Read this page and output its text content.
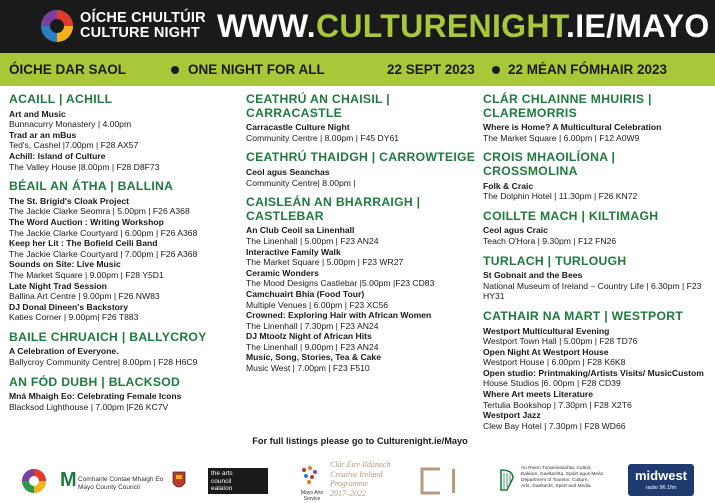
OÍCHE CHULTÚIR
CULTURE NIGHT WWW.CULTURENIGHT.IE/MAYO
ÓICHE DAR SAOL	ONE NIGHT FOR ALL	22 SEPT 2023 22 MÉAN FÓMHAIR 2023
ACAILL | ACHILL
Art and Music
Bunnacurry Monastery | 4.00pm
Trad ar an mBus
Ted's, Cashel |7.00pm | F28 AX57
Achill: Island of Culture
The Valley House |8.00pm | F28 D8F73
BÉAIL AN ÁTHA | BALLINA
The St. Brigid's Cloak Project
The Jackie Clarke Seomra | 5.00pm | F26 A368
The Word Auction : Writing Workshop
The Jackie Clarke Courtyard | 6.00pm | F26 A368
Keep her Lit : The Bofield Ceili Band
The Jackie Clarke Courtyard | 7.00pm | F26 A368
Sounds on Site: Live Music
The Market Square | 9.00pm | F28 Y5D1
Late Night Trad Session
Ballina Art Centre | 9.00pm | F26 NW83
DJ Donal Dineen's Backstory
Katies Corner | 9.00pm| F26 T883
BAILE CHRUAICH | BALLYCROY
A Celebration of Everyone.
Ballycroy Community Centre| 8.00pm | F28 H6C9
AN FÓD DUBH | BLACKSOD
Mná Mhaigh Eo: Celebrating Female Icons
Blacksod Lighthouse | 7.00pm |F26 KC7V
CEATHRÚ AN CHAISIL | CARRACASTLE
Carracastle Culture Night
Community Centre | 8.00pm | F45 DY61
CEATHRÚ THAIDGH | CARROWTEIGE
Ceol agus Seanchas
Community Centre| 8.00pm |
CAISLEÁN AN BHARRAIGH | CASTLEBAR
An Club Ceoil sa Linenhall
The Linenhall | 5.00pm | F23 AN24
Interactive Family Walk
The Market Square | 5.00pm | F23 WR27
Ceramic Wonders
The Mood Designs Castlebar |5.00pm |F23 CD83
Camchuairt Bhia (Food Tour)
Multiple Venues | 6.00pm | F23 XC56
Crowned: Exploring Hair with African Women
The Linenhall | 7.30pm | F23 AN24
DJ Mtoolz Night of African Hits
The Linenhall | 9.00pm | F23 AN24
Music, Song, Stories, Tea & Cake
Music West | 7.00pm | F23 F510
CLÁR CHLAINNE MHUIRIS | CLAREMORRIS
Where is Home? A Multicultural Celebration
The Market Square | 6.00pm | F12 A0W9
CROIS MHAOILÍONA | CROSSMOLINA
Folk & Craic
The Dolphin Hotel | 11.30pm | F26 KN72
COILLTE MACH | KILTIMAGH
Ceol agus Craic
Teach O'Hora | 9.30pm | F12 FN26
TURLACH | TURLOUGH
St Gobnait and the Bees
National Museum of Ireland – Country Life | 6.30pm | F23 HY31
CATHAIR NA MART | WESTPORT
Westport Multicultural Evening
Westport Town Hall | 5.00pm | F28 TD76
Open Night At Westport House
Westport House | 6.00pm | F28 K6K8
Open studio: Printmaking/Artists Visits/ MusicCustom
House Studios |6. 00pm | F28 CD39
Where Art meets Literature
Tertulia Bookshop | 7.30pm | F28 X2T6
Westport Jazz
Clew Bay Hotel | 7.30pm | F28 WD66
For full listings please go to Culturenight.ie/Mayo
M Comhairle Contae Mhaigh Eo
Mayo County Council
the arts
council
ealaíon
Mayo Arts Service
Clár Éire Ildánach
Creative Ireland
Programme
2017–2022
An Roinn Turasóireachta, Cultúir,
Ealaíon, Gaeltachta, Spóirt agus Meán
Department of Tourism, Culture,
Arts, Gaeltacht, Sport and Media
midwest
radio 96.1fm
